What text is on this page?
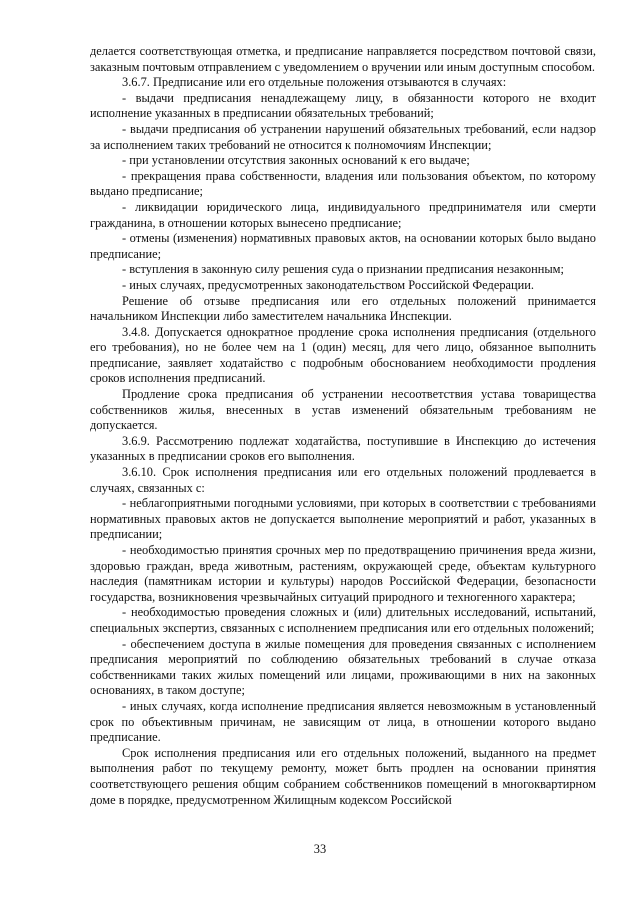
делается соответствующая отметка, и предписание направляется посредством почтовой связи, заказным почтовым отправлением с уведомлением о вручении или иным доступным способом.

3.6.7. Предписание или его отдельные положения отзываются в случаях:

- выдачи предписания ненадлежащему лицу, в обязанности которого не входит исполнение указанных в предписании обязательных требований;

- выдачи предписания об устранении нарушений обязательных требований, если надзор за исполнением таких требований не относится к полномочиям Инспекции;

- при установлении отсутствия законных оснований к его выдаче;

- прекращения права собственности, владения или пользования объектом, по которому выдано предписание;

- ликвидации юридического лица, индивидуального предпринимателя или смерти гражданина, в отношении которых вынесено предписание;

- отмены (изменения) нормативных правовых актов, на основании которых было выдано предписание;

- вступления в законную силу решения суда о признании предписания незаконным;

- иных случаях, предусмотренных законодательством Российской Федерации.

Решение об отзыве предписания или его отдельных положений принимается начальником Инспекции либо заместителем начальника Инспекции.

3.4.8. Допускается однократное продление срока исполнения предписания (отдельного его требования), но не более чем на 1 (один) месяц, для чего лицо, обязанное выполнить предписание, заявляет ходатайство с подробным обоснованием необходимости продления сроков исполнения предписаний.

Продление срока предписания об устранении несоответствия устава товарищества собственников жилья, внесенных в устав изменений обязательным требованиям не допускается.

3.6.9. Рассмотрению подлежат ходатайства, поступившие в Инспекцию до истечения указанных в предписании сроков его выполнения.

3.6.10. Срок исполнения предписания или его отдельных положений продлевается в случаях, связанных с:

- неблагоприятными погодными условиями, при которых в соответствии с требованиями нормативных правовых актов не допускается выполнение мероприятий и работ, указанных в предписании;

- необходимостью принятия срочных мер по предотвращению причинения вреда жизни, здоровью граждан, вреда животным, растениям, окружающей среде, объектам культурного наследия (памятникам истории и культуры) народов Российской Федерации, безопасности государства, возникновения чрезвычайных ситуаций природного и техногенного характера;

- необходимостью проведения сложных и (или) длительных исследований, испытаний, специальных экспертиз, связанных с исполнением предписания или его отдельных положений;

- обеспечением доступа в жилые помещения для проведения связанных с исполнением предписания мероприятий по соблюдению обязательных требований в случае отказа собственниками таких жилых помещений или лицами, проживающими в них на законных основаниях, в таком доступе;

- иных случаях, когда исполнение предписания является невозможным в установленный срок по объективным причинам, не зависящим от лица, в отношении которого выдано предписание.

Срок исполнения предписания или его отдельных положений, выданного на предмет выполнения работ по текущему ремонту, может быть продлен на основании принятия соответствующего решения общим собранием собственников помещений в многоквартирном доме в порядке, предусмотренном Жилищным кодексом Российской

33
